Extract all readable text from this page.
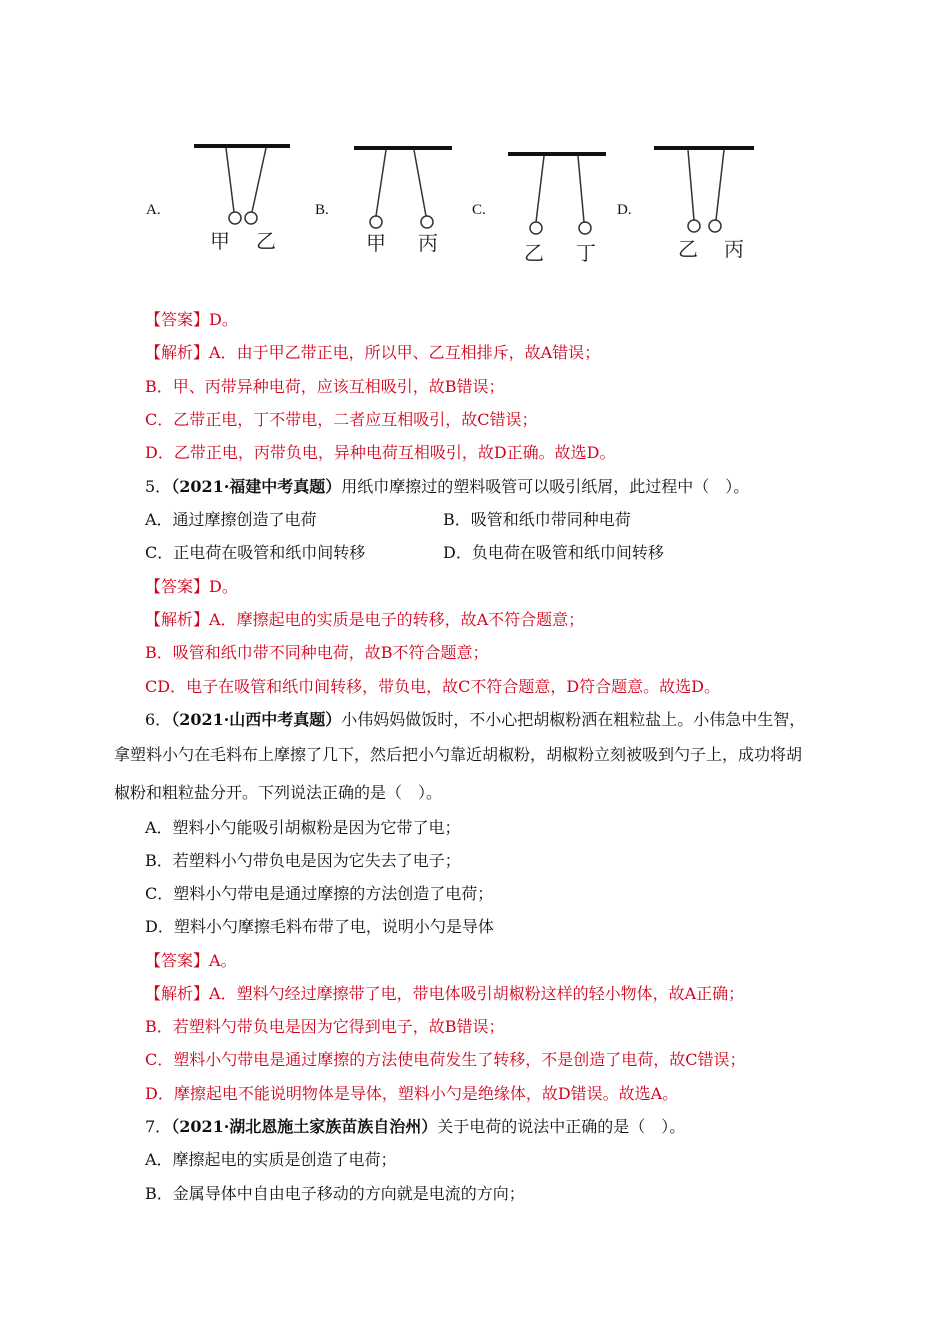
A.
甲 乙
B.
甲 丙
C.
乙 丁
D.
乙 丙
【答案】D。
【解析】A．由于甲乙带正电，所以甲、乙互相排斥，故A错误；
B．甲、丙带异种电荷，应该互相吸引，故B错误；
C．乙带正电，丁不带电，二者应互相吸引，故C错误；
D．乙带正电，丙带负电，异种电荷互相吸引，故D正确。故选D。
5．（2021·福建中考真题）用纸巾摩擦过的塑料吸管可以吸引纸屑，此过程中（　）。
A．通过摩擦创造了电荷	B．吸管和纸巾带同种电荷
C．正电荷在吸管和纸巾间转移	D．负电荷在吸管和纸巾间转移
【答案】D。
【解析】A．摩擦起电的实质是电子的转移，故A不符合题意；
B．吸管和纸巾带不同种电荷，故B不符合题意；
CD．电子在吸管和纸巾间转移，带负电，故C不符合题意，D符合题意。故选D。
6．（2021·山西中考真题）小伟妈妈做饭时，不小心把胡椒粉洒在粗粒盐上。小伟急中生智，
拿塑料小勺在毛料布上摩擦了几下，然后把小勺靠近胡椒粉，胡椒粉立刻被吸到勺子上，成功将胡
椒粉和粗粒盐分开。下列说法正确的是（　）。
A．塑料小勺能吸引胡椒粉是因为它带了电；
B．若塑料小勺带负电是因为它失去了电子；
C．塑料小勺带电是通过摩擦的方法创造了电荷；
D．塑料小勺摩擦毛料布带了电，说明小勺是导体
【答案】A。
【解析】A．塑料勺经过摩擦带了电，带电体吸引胡椒粉这样的轻小物体，故A正确；
B．若塑料勺带负电是因为它得到电子，故B错误；
C．塑料小勺带电是通过摩擦的方法使电荷发生了转移，不是创造了电荷，故C错误；
D．摩擦起电不能说明物体是导体，塑料小勺是绝缘体，故D错误。故选A。
7．（2021·湖北恩施土家族苗族自治州）关于电荷的说法中正确的是（　）。
A．摩擦起电的实质是创造了电荷；
B．金属导体中自由电子移动的方向就是电流的方向；
